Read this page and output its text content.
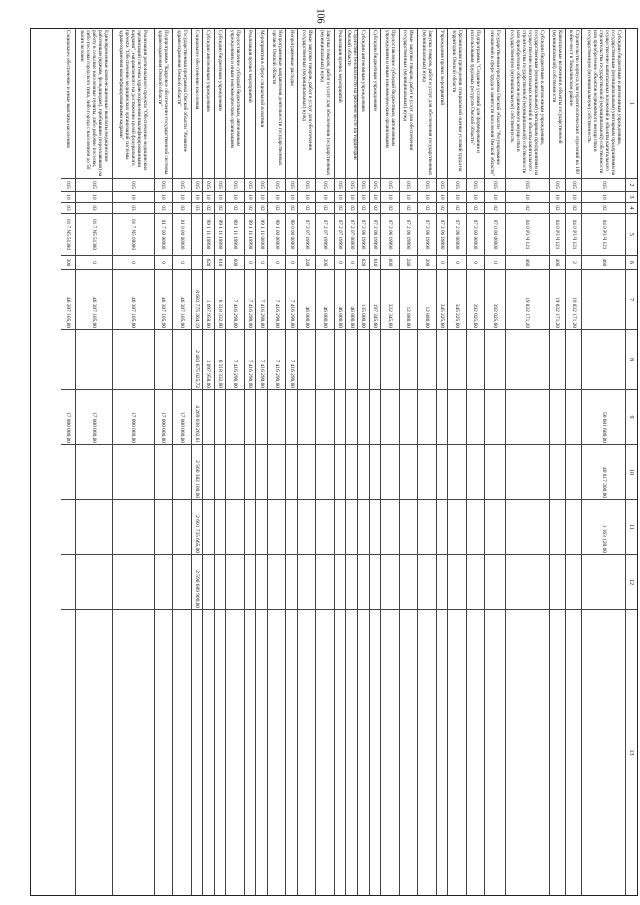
106
1
2
3
4
5
6
7
8
9
10
11
12
13
Субсидии бюджетным и автономным учреждениям, государственным (муниципальным) унитарным предприятиям на осуществление капитальных вложений в объекты капитального строительства государственной (муниципальной) собственности или приобретение объектов недвижимого имущества в государственную (муниципальную) собственность
015
10
02
04 0 Р3 Ч 121
460
50 601 600,00
40 817 300,00
1 163 120,00
Строительство корпуса для геронтологических отделений на 100 койко-мест в Тюкалинском районе
015
10
02
04 0 Р3 Ч 121
2
19 832 171,20
Капитальные вложения в объекты государственной (муниципальной) собственности
015
10
02
04 0 Р3 Ч 121
400
19 832 171,20
Субсидии бюджетным и автономным учреждениям, государственным (муниципальным) унитарным предприятиям на осуществление капитальных вложений в объекты капитального строительства государственной (муниципальной) собственности или приобретение объектов недвижимого имущества в государственную (муниципальную) собственность
015
10
02
04 0 Р3 Ч 121
460
19 832 171,20
Государственная программа Омской области "Регулирование отношений в сфере труда и занятости населения Омской области"
015
10
02
07 0 00 00000
0
392 025,60
Подпрограмма "Создание условий для формирования и использования трудовых ресурсов Омской области"
015
10
02
07 2 00 00000
0
392 025,60
Организация проведения специальной оценки условий труда на территории Омской области
015
10
02
07 2 06 00000
0
345 225,60
Учреждения прочих мероприятий
015
10
02
07 2 06 19990
0
345 225,60
Закупка товаров, работ и услуг для обеспечения государственных (муниципальных) нужд
015
10
02
07 2 06 19990
200
12 880,00
Иные закупки товаров, работ и услуг для обеспечения государственных (муниципальных) нужд
015
10
02
07 2 06 19990
240
12 880,00
Предоставление субсидий бюджетным, автономным учреждениям и иным некоммерческим организациям
015
10
02
07 2 06 19990
600
332 345,60
Субсидии бюджетным учреждениям
015
10
02
07 2 06 19990
610
197 345,60
Субсидии автономным учреждениям
015
10
02
07 2 06 19990
620
135 000,00
Содействие безопасности на рабочем месте на территории Омской области
015
10
02
07 2 07 00000
0
46 800,00
Реализация прочих мероприятий
015
10
02
07 2 07 19990
0
46 800,00
Закупка товаров, работ и услуг для обеспечения государственных (муниципальных) нужд
015
10
02
07 2 07 19990
200
46 800,00
Иные закупки товаров, работ и услуг для обеспечения государственных (муниципальных) нужд
015
10
02
07 2 07 19990
240
46 800,00
Непрограммные расходы
015
10
02
99 0 00 00000
0
7 416 290,00
7 416 290,00
Непрограммные направления деятельности государственных органов Омской области
015
10
02
99 1 00 00000
0
7 416 290,00
7 416 290,00
Мероприятия в сфере социальной политики
015
10
02
99 1 11 00000
0
7 416 290,00
7 416 290,00
Реализация прочих мероприятий
015
10
02
99 1 11 19990
0
7 416 290,00
7 416 290,00
Предоставление субсидий бюджетным, автономным учреждениям и иным некоммерческим организациям
015
10
02
99 1 11 19990
600
7 416 290,00
7 416 290,00
Субсидии бюджетным учреждениям
015
10
02
99 1 11 19990
610
6 318 332,00
6 318 332,00
Субсидии автономным учреждениям
015
10
02
99 1 11 19990
620
1 097 958,00
1 097 958,00
Социальное обеспечение населения
015
10
03
8 683 775 304,19
2 483 675 025,72
4 269 038 202,61
2 560 382 100,00
2 601 735 665,00
2 598 689 900,00
Государственная программа Омской области "Развитие здравоохранения Омской области"
015
10
03
01 0 00 00000
0
46 307 105,00
17 000 000,00
Подпрограмма "Кадровое обеспечение государственной системы здравоохранения Омской области"
015
10
03
01 7 00 00000
0
46 307 105,00
17 000 000,00
Реализация регионального проекта "Обеспечение медицинских организаций системы здравоохранения квалифицированными кадрами", направленного на достижение целей федерального проекта "Обеспечение медицинских организаций системы здравоохранения квалифицированными кадрами"
015
10
03
01 7 N5 00000
0
46 307 105,00
17 000 000,00
Единовременные компенсационные выплаты медицинским работникам (врачам, фельдшерам), прибывшим (переехавшим) на работу в сельские населенные пункты, либо рабочие поселки, либо поселки городского типа, либо города с населением до 50 тысяч человек
015
10
03
01 7 N5 51380
0
46 307 105,00
17 000 000,00
Социальное обеспечение и иные выплаты населению
015
10
03
01 7 N5 51380
300
46 307 105,00
17 000 000,00
